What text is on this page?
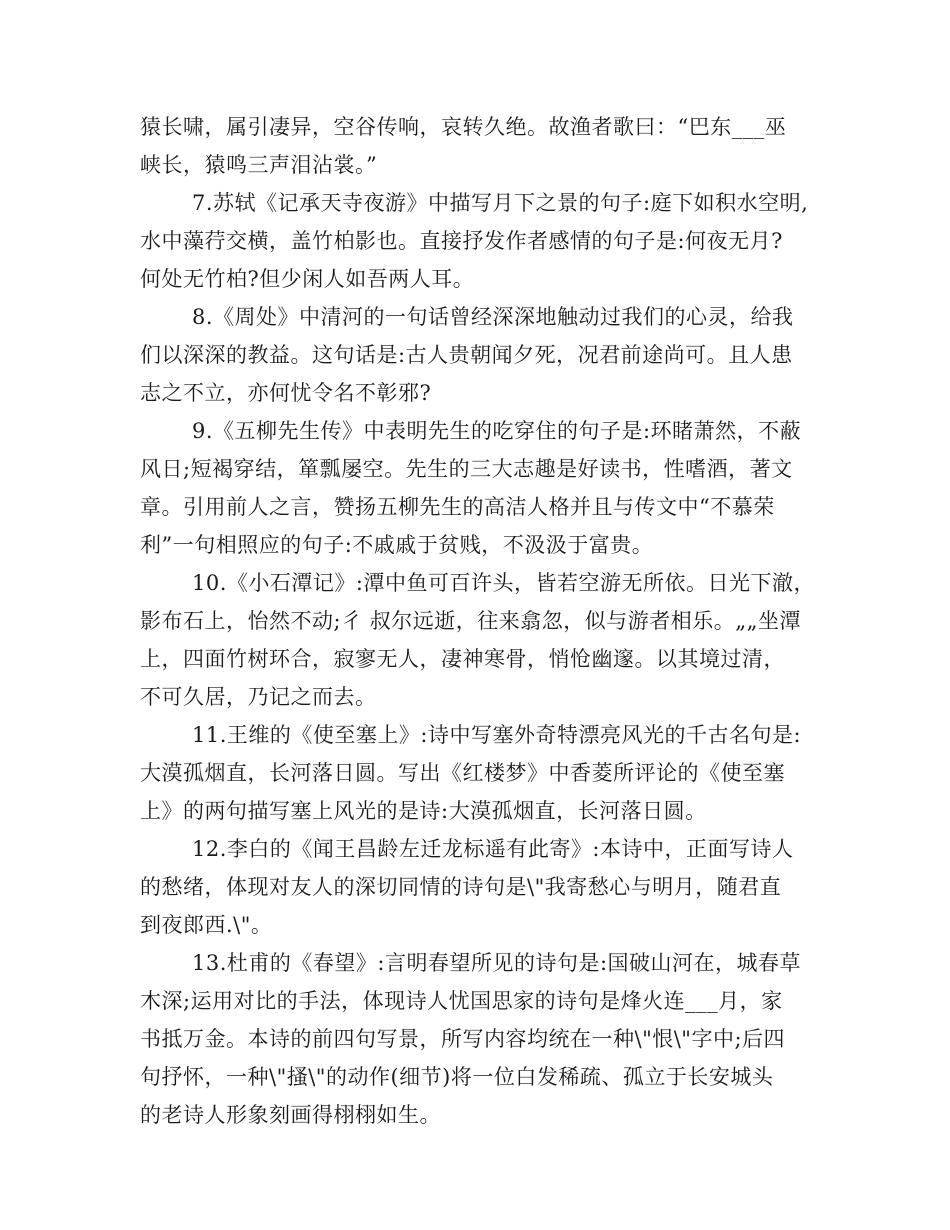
猿长啸，属引凄异，空谷传响，哀转久绝。故渔者歌曰：“巴东___巫
峡长，猿鸣三声泪沾裳。”
7.苏轼《记承天寺夜游》中描写月下之景的句子:庭下如积水空明,
水中藻荇交横，盖竹柏影也。直接抒发作者感情的句子是:何夜无月?
何处无竹柏?但少闲人如吾两人耳。
8.《周处》中清河的一句话曾经深深地触动过我们的心灵，给我
们以深深的教益。这句话是:古人贵朝闻夕死，况君前途尚可。且人患
志之不立，亦何忧令名不彰邪?
9.《五柳先生传》中表明先生的吃穿住的句子是:环睹萧然，不蔽
风日;短褐穿结，箪瓢屡空。先生的三大志趣是好读书，性嗜酒，著文
章。引用前人之言，赞扬五柳先生的高洁人格并且与传文中“不慕荣
利”一句相照应的句子:不戚戚于贫贱，不汲汲于富贵。
10.《小石潭记》:潭中鱼可百许头，皆若空游无所依。日光下澈，
影布石上，怡然不动;彳 叔尔远逝，往来翕忽，似与游者相乐。„„坐潭
上，四面竹树环合，寂寥无人，凄神寒骨，悄怆幽邃。以其境过清，
不可久居，乃记之而去。
11.王维的《使至塞上》:诗中写塞外奇特漂亮风光的千古名句是:
大漠孤烟直，长河落日圆。写出《红楼梦》中香菱所评论的《使至塞
上》的两句描写塞上风光的是诗:大漠孤烟直，长河落日圆。
12.李白的《闻王昌龄左迁龙标遥有此寄》:本诗中，正面写诗人
的愁绪，体现对友人的深切同情的诗句是\"我寄愁心与明月，随君直
到夜郎西.\"。
13.杜甫的《春望》:言明春望所见的诗句是:国破山河在，城春草
木深;运用对比的手法，体现诗人忧国思家的诗句是烽火连___月，家
书抵万金。本诗的前四句写景，所写内容均统在一种\"恨\"字中;后四
句抒怀，一种\"搔\"的动作(细节)将一位白发稀疏、孤立于长安城头
的老诗人形象刻画得栩栩如生。
